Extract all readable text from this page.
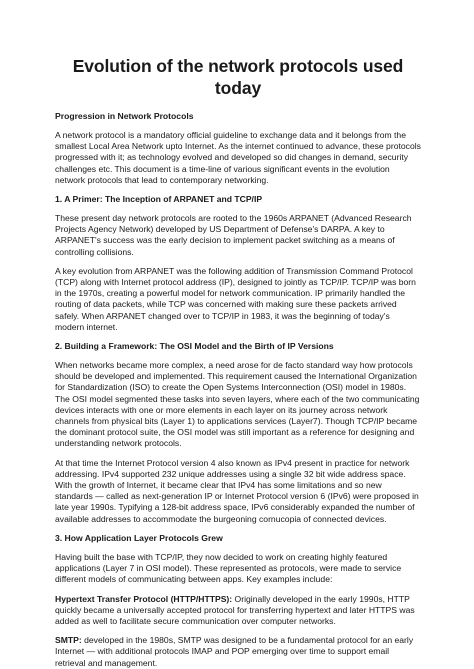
Evolution of the network protocols used today
Progression in Network Protocols

A network protocol is a mandatory official guideline to exchange data and it belongs from the smallest Local Area Network upto Internet. As the internet continued to advance, these protocols progressed with it; as technology evolved and developed so did changes in demand, security challenges etc. This document is a time-line of various significant events in the evolution network protocols that lead to contemporary networking.

1. A Primer: The Inception of ARPANET and TCP/IP

These present day network protocols are rooted to the 1960s ARPANET (Advanced Research Projects Agency Network) developed by US Department of Defense's DARPA. A key to ARPANET's success was the early decision to implement packet switching as a means of controlling collisions.

A key evolution from ARPANET was the following addition of Transmission Command Protocol (TCP) along with Internet protocol address (IP), designed to jointly as TCP/IP. TCP/IP was born in the 1970s, creating a powerful model for network communication. IP primarily handled the routing of data packets, while TCP was concerned with making sure these packets arrived safely. When ARPANET changed over to TCP/IP in 1983, it was the beginning of today's modern internet.

2. Building a Framework: The OSI Model and the Birth of IP Versions

When networks became more complex, a need arose for de facto standard way how protocols should be developed and implemented. This requirement caused the International Organization for Standardization (ISO) to create the Open Systems Interconnection (OSI) model in 1980s. The OSI model segmented these tasks into seven layers, where each of the two communicating devices interacts with one or more elements in each layer on its journey across network channels from physical bits (Layer 1) to applications services (Layer7). Though TCP/IP became the dominant protocol suite, the OSI model was still important as a reference for designing and understanding network protocols.

At that time the Internet Protocol version 4 also known as IPv4 present in practice for network addressing. IPv4 supported 232 unique addresses using a single 32 bit wide address space. With the growth of Internet, it became clear that IPv4 has some limitations and so new standards — called as next-generation IP or Internet Protocol version 6 (IPv6) were proposed in late year 1990s. Typifying a 128-bit address space, IPv6 considerably expanded the number of available addresses to accommodate the burgeoning cornucopia of connected devices.

3. How Application Layer Protocols Grew

Having built the base with TCP/IP, they now decided to work on creating highly featured applications (Layer 7 in OSI model). These represented as protocols, were made to service different models of communicating between apps. Key examples include:

Hypertext Transfer Protocol (HTTP/HTTPS): Originally developed in the early 1990s, HTTP quickly became a universally accepted protocol for transferring hypertext and later HTTPS was added as well to facilitate secure communication over computer networks.

SMTP: developed in the 1980s, SMTP was designed to be a fundamental protocol for an early Internet — with additional protocols IMAP and POP emerging over time to support email retrieval and management.
